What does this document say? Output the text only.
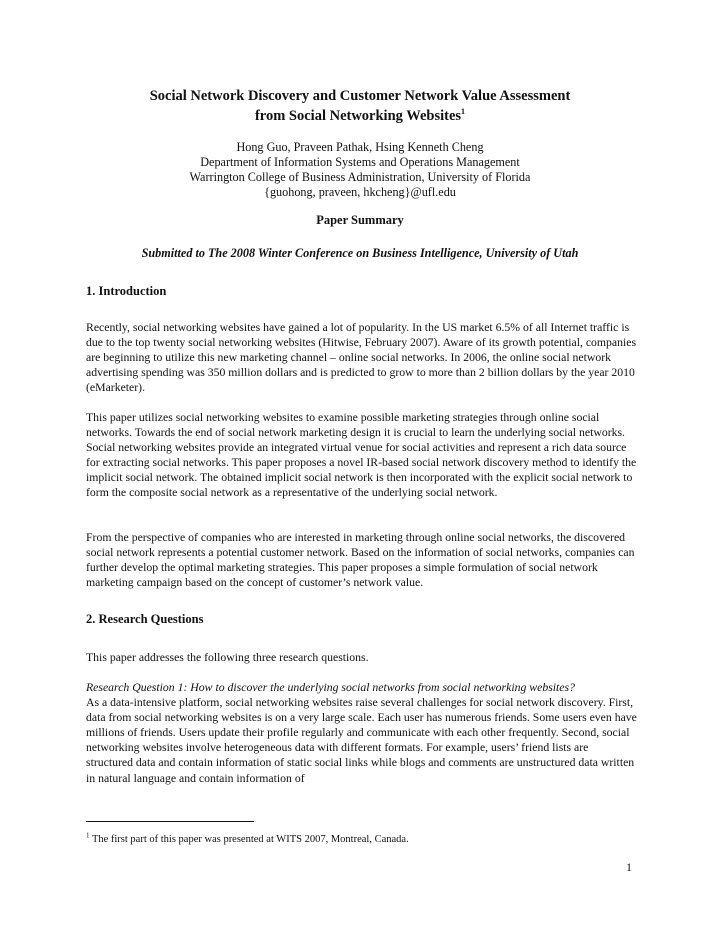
Social Network Discovery and Customer Network Value Assessment
from Social Networking Websites$^1$
Hong Guo, Praveen Pathak, Hsing Kenneth Cheng
Department of Information Systems and Operations Management
Warrington College of Business Administration, University of Florida
{guohong, praveen, hkcheng}@ufl.edu
Paper Summary
Submitted to The 2008 Winter Conference on Business Intelligence, University of Utah
1. Introduction

Recently, social networking websites have gained a lot of popularity. In the US market 6.5% of all Internet traffic is due to the top twenty social networking websites (Hitwise, February 2007). Aware of its growth potential, companies are beginning to utilize this new marketing channel – online social networks. In 2006, the online social network advertising spending was 350 million dollars and is predicted to grow to more than 2 billion dollars by the year 2010 (eMarketer).

This paper utilizes social networking websites to examine possible marketing strategies through online social networks. Towards the end of social network marketing design it is crucial to learn the underlying social networks. Social networking websites provide an integrated virtual venue for social activities and represent a rich data source for extracting social networks. This paper proposes a novel IR-based social network discovery method to identify the implicit social network. The obtained implicit social network is then incorporated with the explicit social network to form the composite social network as a representative of the underlying social network.

From the perspective of companies who are interested in marketing through online social networks, the discovered social network represents a potential customer network. Based on the information of social networks, companies can further develop the optimal marketing strategies. This paper proposes a simple formulation of social network marketing campaign based on the concept of customer’s network value.

2. Research Questions

This paper addresses the following three research questions.

Research Question 1: How to discover the underlying social networks from social networking websites?
As a data-intensive platform, social networking websites raise several challenges for social network discovery. First, data from social networking websites is on a very large scale. Each user has numerous friends. Some users even have millions of friends. Users update their profile regularly and communicate with each other frequently. Second, social networking websites involve heterogeneous data with different formats. For example, users’ friend lists are structured data and contain information of static social links while blogs and comments are unstructured data written in natural language and contain information of

$^1$ The first part of this paper was presented at WITS 2007, Montreal, Canada.
1
